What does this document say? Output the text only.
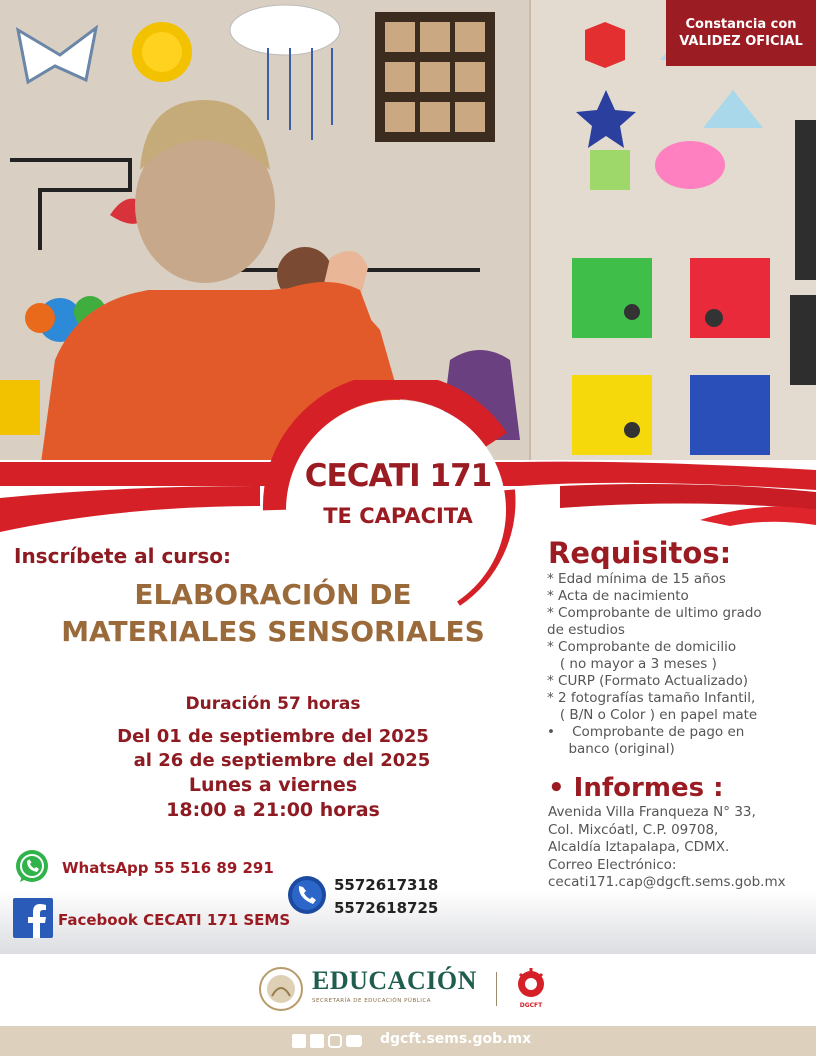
CECATI 171
TE CAPACITA
Constancia con
VALIDEZ OFICIAL
Inscríbete al curso:
ELABORACIÓN DE
MATERIALES SENSORIALES
Duración 57 horas
Del 01 de septiembre del 2025
al 26 de septiembre del 2025
Lunes a viernes
18:00 a 21:00 horas
Requisitos:
* Edad mínima de 15 años
* Acta de nacimiento
* Comprobante de ultimo grado
de estudios
* Comprobante de domicilio
( no mayor a 3 meses )
* CURP (Formato Actualizado)
* 2 fotografías tamaño Infantil,
( B/N o Color ) en papel mate
•    Comprobante de pago en
banco (original)
• Informes :
Avenida Villa Franqueza N° 33,
Col. Mixcóatl, C.P. 09708,
Alcaldía Iztapalapa, CDMX.
Correo Electrónico:
cecati171.cap@dgcft.sems.gob.mx
WhatsApp 55 516 89 291
Facebook CECATI 171 SEMS
5572617318
5572618725
EDUCACIÓN
SECRETARÍA DE EDUCACIÓN PÚBLICA
DGCFT
dgcft.sems.gob.mx
